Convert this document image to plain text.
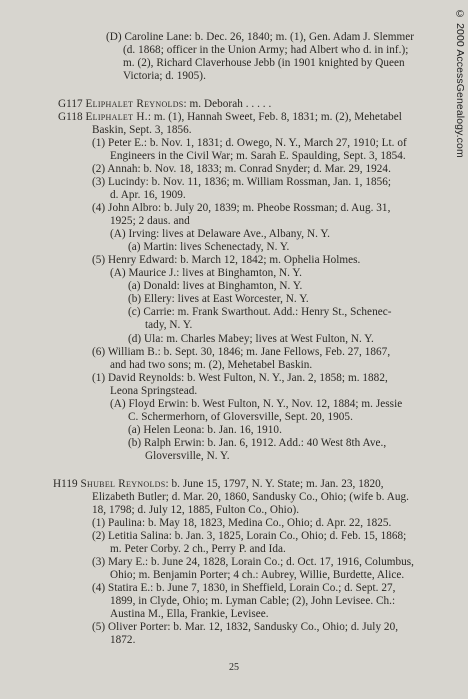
(D) Caroline Lane: b. Dec. 26, 1840; m. (1), Gen. Adam J. Slemmer
(d. 1868; officer in the Union Army; had Albert who d. in inf.);
m. (2), Richard Claverhouse Jebb (in 1901 knighted by Queen
Victoria; d. 1905).
G117 Eliphalet Reynolds: m. Deborah . . . . .
G118 Eliphalet H.: m. (1), Hannah Sweet, Feb. 8, 1831; m. (2), Mehetabel
Baskin, Sept. 3, 1856.
(1) Peter E.: b. Nov. 1, 1831; d. Owego, N. Y., March 27, 1910; Lt. of
Engineers in the Civil War; m. Sarah E. Spaulding, Sept. 3, 1854.
(2) Annah: b. Nov. 18, 1833; m. Conrad Snyder; d. Mar. 29, 1924.
(3) Lucindy: b. Nov. 11, 1836; m. William Rossman, Jan. 1, 1856;
d. Apr. 16, 1909.
(4) John Albro: b. July 20, 1839; m. Pheobe Rossman; d. Aug. 31,
1925; 2 daus. and
(A) Irving: lives at Delaware Ave., Albany, N. Y.
(a) Martin: lives Schenectady, N. Y.
(5) Henry Edward: b. March 12, 1842; m. Ophelia Holmes.
(A) Maurice J.: lives at Binghamton, N. Y.
(a) Donald: lives at Binghamton, N. Y.
(b) Ellery: lives at East Worcester, N. Y.
(c) Carrie: m. Frank Swarthout. Add.: Henry St., Schenec-
tady, N. Y.
(d) Ula: m. Charles Mabey; lives at West Fulton, N. Y.
(6) William B.: b. Sept. 30, 1846; m. Jane Fellows, Feb. 27, 1867,
and had two sons; m. (2), Mehetabel Baskin.
(1) David Reynolds: b. West Fulton, N. Y., Jan. 2, 1858; m. 1882,
Leona Springstead.
(A) Floyd Erwin: b. West Fulton, N. Y., Nov. 12, 1884; m. Jessie
C. Schermerhorn, of Gloversville, Sept. 20, 1905.
(a) Helen Leona: b. Jan. 16, 1910.
(b) Ralph Erwin: b. Jan. 6, 1912. Add.: 40 West 8th Ave.,
Gloversville, N. Y.
H119 Shubel Reynolds: b. June 15, 1797, N. Y. State; m. Jan. 23, 1820,
Elizabeth Butler; d. Mar. 20, 1860, Sandusky Co., Ohio; (wife b. Aug.
18, 1798; d. July 12, 1885, Fulton Co., Ohio).
(1) Paulina: b. May 18, 1823, Medina Co., Ohio; d. Apr. 22, 1825.
(2) Letitia Salina: b. Jan. 3, 1825, Lorain Co., Ohio; d. Feb. 15, 1868;
m. Peter Corby. 2 ch., Perry P. and Ida.
(3) Mary E.: b. June 24, 1828, Lorain Co.; d. Oct. 17, 1916, Columbus,
Ohio; m. Benjamin Porter; 4 ch.: Aubrey, Willie, Burdette, Alice.
(4) Statira E.: b. June 7, 1830, in Sheffield, Lorain Co.; d. Sept. 27,
1899, in Clyde, Ohio; m. Lyman Cable; (2), John Levisee. Ch.:
Austina M., Ella, Frankie, Levisee.
(5) Oliver Porter: b. Mar. 12, 1832, Sandusky Co., Ohio; d. July 20,
1872.
25
© 2000 AccessGenealogy.com
